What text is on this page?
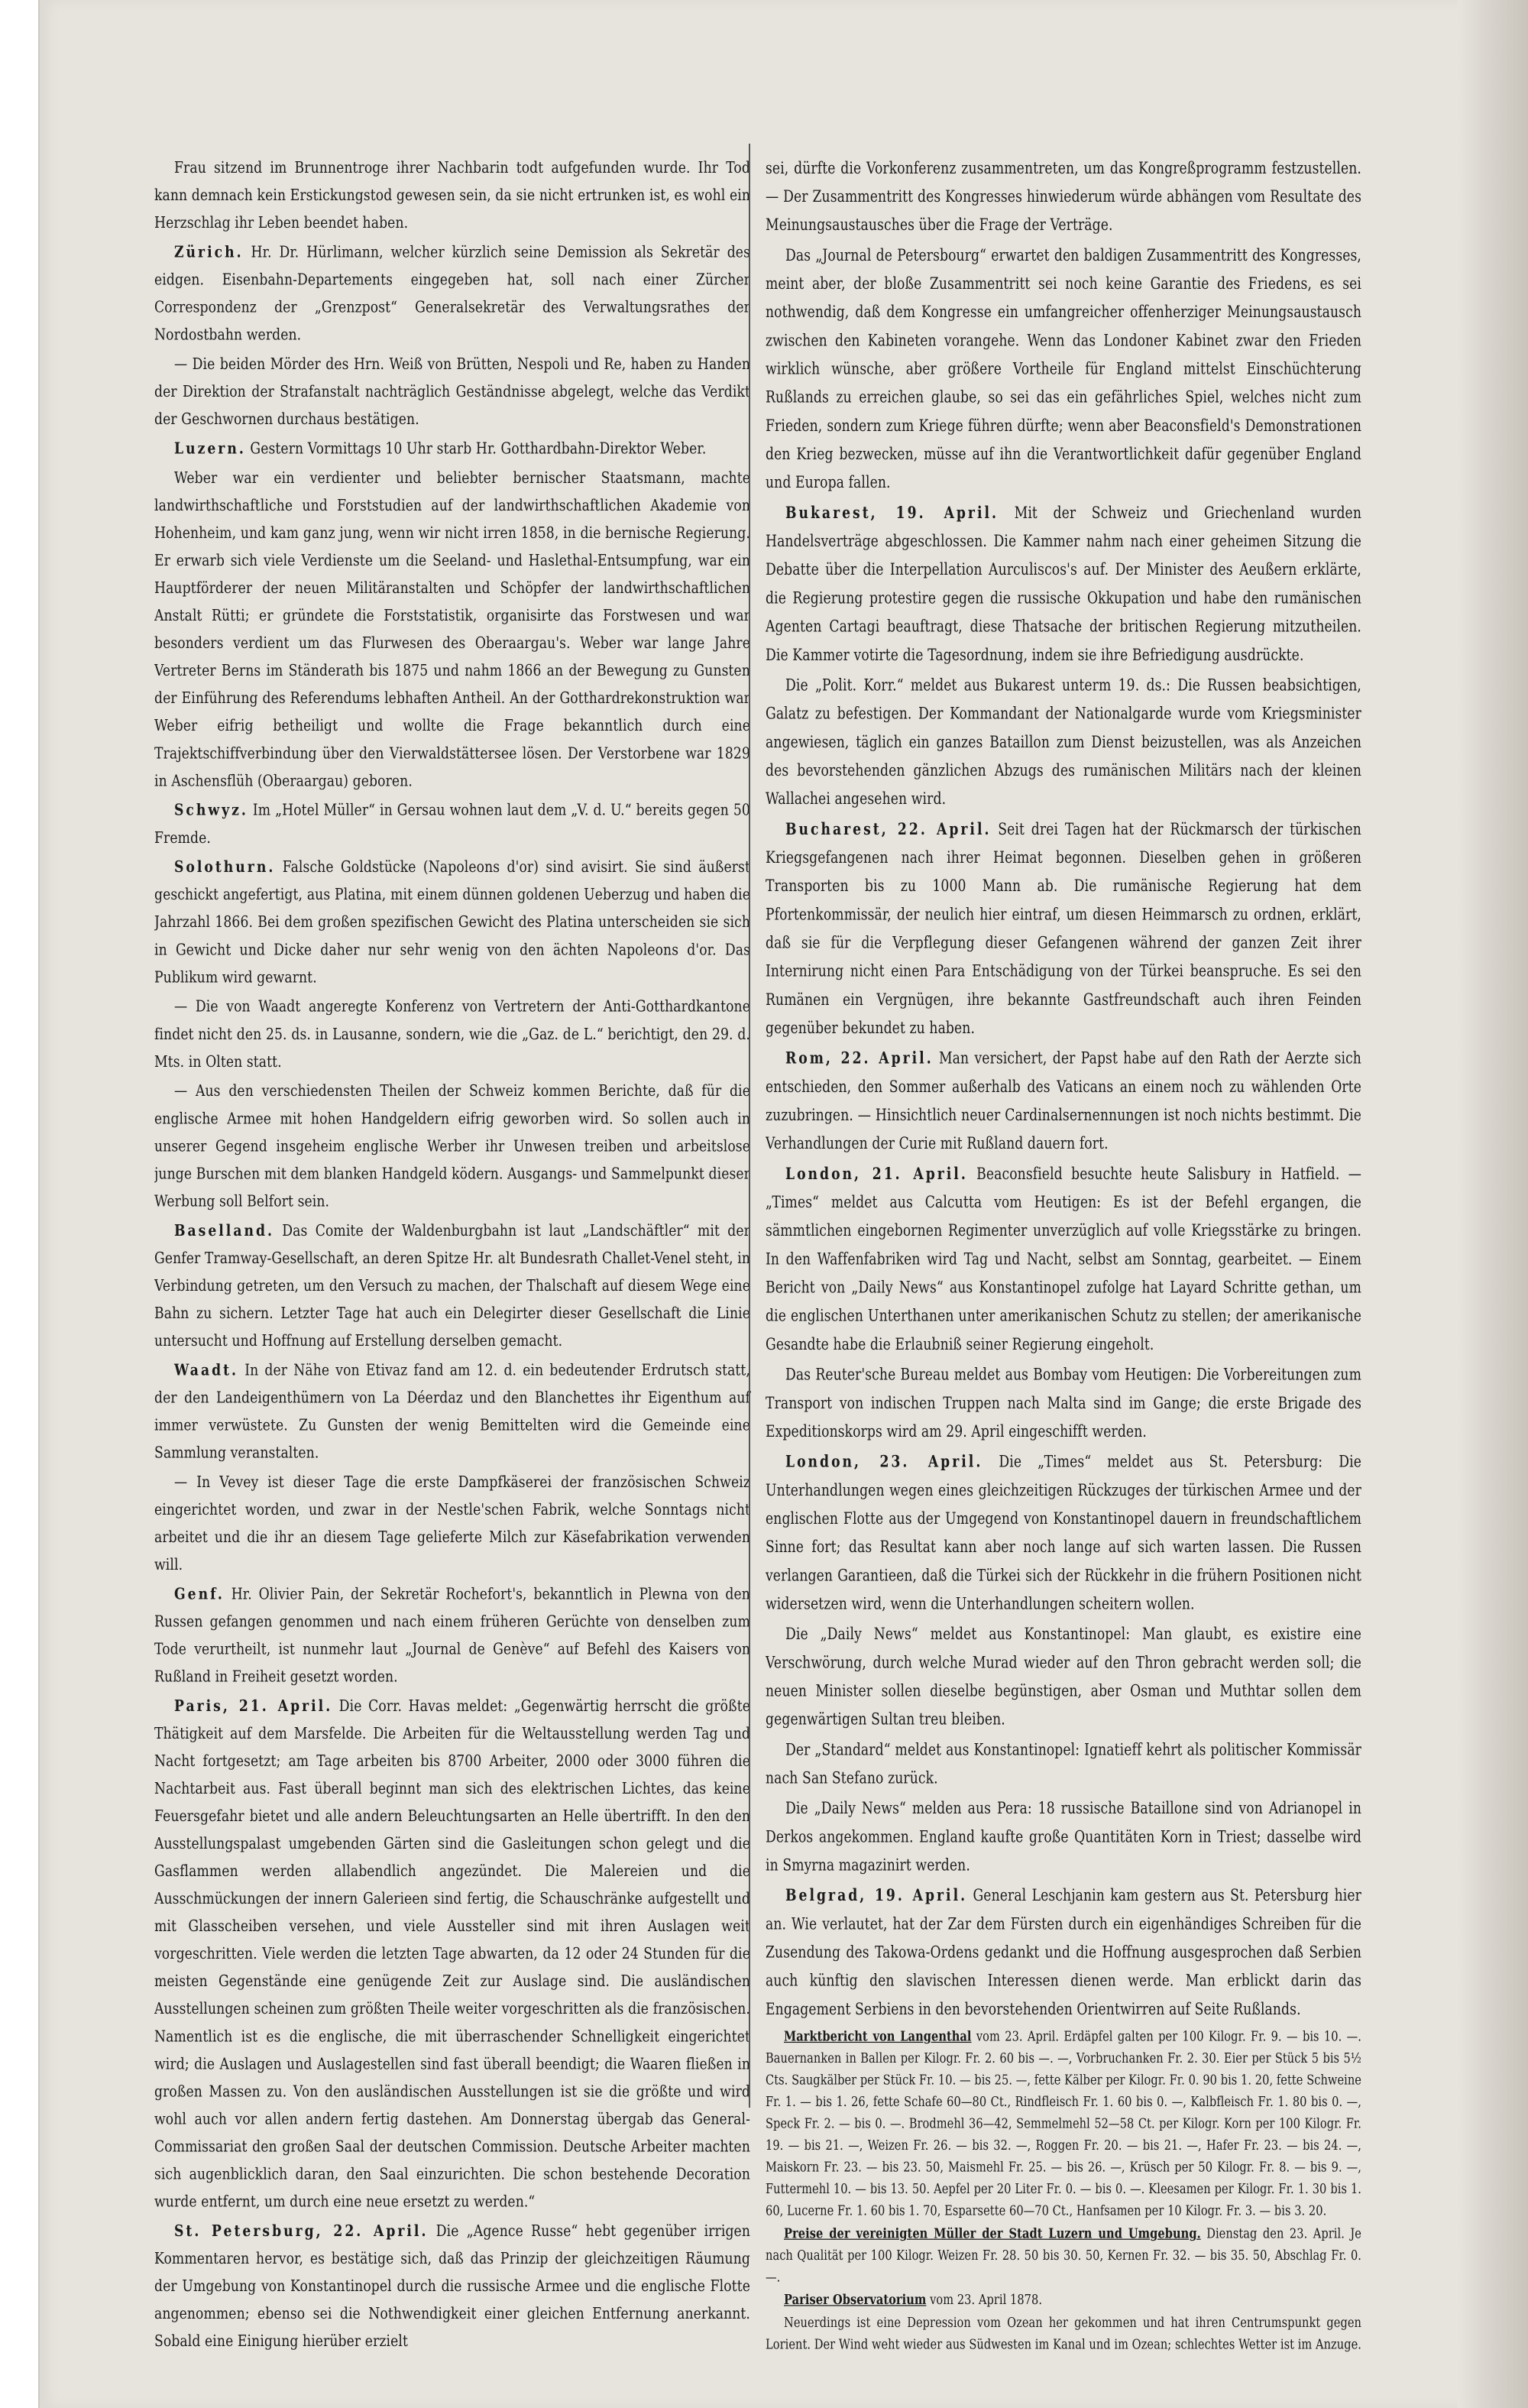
Frau sitzend im Brunnentroge ihrer Nachbarin todt aufgefunden wurde. Ihr Tod kann demnach kein Erstickungstod gewesen sein, da sie nicht ertrunken ist, es wohl ein Herzschlag ihr Leben beendet haben.

Zürich. Hr. Dr. Hürlimann, welcher kürzlich seine Demission als Sekretär des eidgen. Eisenbahn-Departements eingegeben hat, soll nach einer Zürcher Correspondenz der „Grenzpost“ Generalsekretär des Verwaltungsrathes der Nordostbahn werden.

— Die beiden Mörder des Hrn. Weiß von Brütten, Nespoli und Re, haben zu Handen der Direktion der Strafanstalt nachträglich Geständnisse abgelegt, welche das Verdikt der Geschwornen durchaus bestätigen.

Luzern. Gestern Vormittags 10 Uhr starb Hr. Gotthardbahn-Direktor Weber.

Weber war ein verdienter und beliebter bernischer Staatsmann, machte landwirthschaftliche und Forststudien auf der landwirthschaftlichen Akademie von Hohenheim, und kam ganz jung, wenn wir nicht irren 1858, in die bernische Regierung. Er erwarb sich viele Verdienste um die Seeland- und Haslethal-Entsumpfung, war ein Hauptförderer der neuen Militäranstalten und Schöpfer der landwirthschaftlichen Anstalt Rütti; er gründete die Forststatistik, organisirte das Forstwesen und war besonders verdient um das Flurwesen des Oberaargau's. Weber war lange Jahre Vertreter Berns im Ständerath bis 1875 und nahm 1866 an der Bewegung zu Gunsten der Einführung des Referendums lebhaften Antheil. An der Gotthardrekonstruktion war Weber eifrig betheiligt und wollte die Frage bekanntlich durch eine Trajektschiffverbindung über den Vierwaldstättersee lösen. Der Verstorbene war 1829 in Aschensflüh (Oberaargau) geboren.

Schwyz. Im „Hotel Müller“ in Gersau wohnen laut dem „V. d. U.“ bereits gegen 50 Fremde.

Solothurn. Falsche Goldstücke (Napoleons d'or) sind avisirt. Sie sind äußerst geschickt angefertigt, aus Platina, mit einem dünnen goldenen Ueberzug und haben die Jahrzahl 1866. Bei dem großen spezifischen Gewicht des Platina unterscheiden sie sich in Gewicht und Dicke daher nur sehr wenig von den ächten Napoleons d'or. Das Publikum wird gewarnt.

— Die von Waadt angeregte Konferenz von Vertretern der Anti-Gotthardkantone findet nicht den 25. ds. in Lausanne, sondern, wie die „Gaz. de L.“ berichtigt, den 29. d. Mts. in Olten statt.

— Aus den verschiedensten Theilen der Schweiz kommen Berichte, daß für die englische Armee mit hohen Handgeldern eifrig geworben wird. So sollen auch in unserer Gegend insgeheim englische Werber ihr Unwesen treiben und arbeitslose junge Burschen mit dem blanken Handgeld ködern. Ausgangs- und Sammelpunkt dieser Werbung soll Belfort sein.

Baselland. Das Comite der Waldenburgbahn ist laut „Landschäftler“ mit der Genfer Tramway-Gesellschaft, an deren Spitze Hr. alt Bundesrath Challet-Venel steht, in Verbindung getreten, um den Versuch zu machen, der Thalschaft auf diesem Wege eine Bahn zu sichern. Letzter Tage hat auch ein Delegirter dieser Gesellschaft die Linie untersucht und Hoffnung auf Erstellung derselben gemacht.

Waadt. In der Nähe von Etivaz fand am 12. d. ein bedeutender Erdrutsch statt, der den Landeigenthümern von La Déerdaz und den Blanchettes ihr Eigenthum auf immer verwüstete. Zu Gunsten der wenig Bemittelten wird die Gemeinde eine Sammlung veranstalten.

— In Vevey ist dieser Tage die erste Dampfkäserei der französischen Schweiz eingerichtet worden, und zwar in der Nestle'schen Fabrik, welche Sonntags nicht arbeitet und die ihr an diesem Tage gelieferte Milch zur Käsefabrikation verwenden will.

Genf. Hr. Olivier Pain, der Sekretär Rochefort's, bekanntlich in Plewna von den Russen gefangen genommen und nach einem früheren Gerüchte von denselben zum Tode verurtheilt, ist nunmehr laut „Journal de Genève“ auf Befehl des Kaisers von Rußland in Freiheit gesetzt worden.

Paris, 21. April. Die Corr. Havas meldet: „Gegenwärtig herrscht die größte Thätigkeit auf dem Marsfelde. Die Arbeiten für die Weltausstellung werden Tag und Nacht fortgesetzt; am Tage arbeiten bis 8700 Arbeiter, 2000 oder 3000 führen die Nachtarbeit aus. Fast überall beginnt man sich des elektrischen Lichtes, das keine Feuersgefahr bietet und alle andern Beleuchtungsarten an Helle übertrifft. In den den Ausstellungspalast umgebenden Gärten sind die Gasleitungen schon gelegt und die Gasflammen werden allabendlich angezündet. Die Malereien und die Ausschmückungen der innern Galerieen sind fertig, die Schauschränke aufgestellt und mit Glasscheiben versehen, und viele Aussteller sind mit ihren Auslagen weit vorgeschritten. Viele werden die letzten Tage abwarten, da 12 oder 24 Stunden für die meisten Gegenstände eine genügende Zeit zur Auslage sind. Die ausländischen Ausstellungen scheinen zum größten Theile weiter vorgeschritten als die französischen. Namentlich ist es die englische, die mit überraschender Schnelligkeit eingerichtet wird; die Auslagen und Auslagestellen sind fast überall beendigt; die Waaren fließen in großen Massen zu. Von den ausländischen Ausstellungen ist sie die größte und wird wohl auch vor allen andern fertig dastehen. Am Donnerstag übergab das General-Commissariat den großen Saal der deutschen Commission. Deutsche Arbeiter machten sich augenblicklich daran, den Saal einzurichten. Die schon bestehende Decoration wurde entfernt, um durch eine neue ersetzt zu werden.“

St. Petersburg, 22. April. Die „Agence Russe“ hebt gegenüber irrigen Kommentaren hervor, es bestätige sich, daß das Prinzip der gleichzeitigen Räumung der Umgebung von Konstantinopel durch die russische Armee und die englische Flotte angenommen; ebenso sei die Nothwendigkeit einer gleichen Entfernung anerkannt. Sobald eine Einigung hierüber erzielt

sei, dürfte die Vorkonferenz zusammentreten, um das Kongreßprogramm festzustellen. — Der Zusammentritt des Kongresses hinwiederum würde abhängen vom Resultate des Meinungsaustausches über die Frage der Verträge.

Das „Journal de Petersbourg“ erwartet den baldigen Zusammentritt des Kongresses, meint aber, der bloße Zusammentritt sei noch keine Garantie des Friedens, es sei nothwendig, daß dem Kongresse ein umfangreicher offenherziger Meinungsaustausch zwischen den Kabineten vorangehe. Wenn das Londoner Kabinet zwar den Frieden wirklich wünsche, aber größere Vortheile für England mittelst Einschüchterung Rußlands zu erreichen glaube, so sei das ein gefährliches Spiel, welches nicht zum Frieden, sondern zum Kriege führen dürfte; wenn aber Beaconsfield's Demonstrationen den Krieg bezwecken, müsse auf ihn die Verantwortlichkeit dafür gegenüber England und Europa fallen.

Bukarest, 19. April. Mit der Schweiz und Griechenland wurden Handelsverträge abgeschlossen. Die Kammer nahm nach einer geheimen Sitzung die Debatte über die Interpellation Aurculiscos's auf. Der Minister des Aeußern erklärte, die Regierung protestire gegen die russische Okkupation und habe den rumänischen Agenten Cartagi beauftragt, diese Thatsache der britischen Regierung mitzutheilen. Die Kammer votirte die Tagesordnung, indem sie ihre Befriedigung ausdrückte.

Die „Polit. Korr.“ meldet aus Bukarest unterm 19. ds.: Die Russen beabsichtigen, Galatz zu befestigen. Der Kommandant der Nationalgarde wurde vom Kriegsminister angewiesen, täglich ein ganzes Bataillon zum Dienst beizustellen, was als Anzeichen des bevorstehenden gänzlichen Abzugs des rumänischen Militärs nach der kleinen Wallachei angesehen wird.

Bucharest, 22. April. Seit drei Tagen hat der Rückmarsch der türkischen Kriegsgefangenen nach ihrer Heimat begonnen. Dieselben gehen in größeren Transporten bis zu 1000 Mann ab. Die rumänische Regierung hat dem Pfortenkommissär, der neulich hier eintraf, um diesen Heimmarsch zu ordnen, erklärt, daß sie für die Verpflegung dieser Gefangenen während der ganzen Zeit ihrer Internirung nicht einen Para Entschädigung von der Türkei beanspruche. Es sei den Rumänen ein Vergnügen, ihre bekannte Gastfreundschaft auch ihren Feinden gegenüber bekundet zu haben.

Rom, 22. April. Man versichert, der Papst habe auf den Rath der Aerzte sich entschieden, den Sommer außerhalb des Vaticans an einem noch zu wählenden Orte zuzubringen. — Hinsichtlich neuer Cardinalsernennungen ist noch nichts bestimmt. Die Verhandlungen der Curie mit Rußland dauern fort.

London, 21. April. Beaconsfield besuchte heute Salisbury in Hatfield. — „Times“ meldet aus Calcutta vom Heutigen: Es ist der Befehl ergangen, die sämmtlichen eingebornen Regimenter unverzüglich auf volle Kriegsstärke zu bringen. In den Waffenfabriken wird Tag und Nacht, selbst am Sonntag, gearbeitet. — Einem Bericht von „Daily News“ aus Konstantinopel zufolge hat Layard Schritte gethan, um die englischen Unterthanen unter amerikanischen Schutz zu stellen; der amerikanische Gesandte habe die Erlaubniß seiner Regierung eingeholt.

Das Reuter'sche Bureau meldet aus Bombay vom Heutigen: Die Vorbereitungen zum Transport von indischen Truppen nach Malta sind im Gange; die erste Brigade des Expeditionskorps wird am 29. April eingeschifft werden.

London, 23. April. Die „Times“ meldet aus St. Petersburg: Die Unterhandlungen wegen eines gleichzeitigen Rückzuges der türkischen Armee und der englischen Flotte aus der Umgegend von Konstantinopel dauern in freundschaftlichem Sinne fort; das Resultat kann aber noch lange auf sich warten lassen. Die Russen verlangen Garantieen, daß die Türkei sich der Rückkehr in die frühern Positionen nicht widersetzen wird, wenn die Unterhandlungen scheitern wollen.

Die „Daily News“ meldet aus Konstantinopel: Man glaubt, es existire eine Verschwörung, durch welche Murad wieder auf den Thron gebracht werden soll; die neuen Minister sollen dieselbe begünstigen, aber Osman und Muthtar sollen dem gegenwärtigen Sultan treu bleiben.

Der „Standard“ meldet aus Konstantinopel: Ignatieff kehrt als politischer Kommissär nach San Stefano zurück.

Die „Daily News“ melden aus Pera: 18 russische Bataillone sind von Adrianopel in Derkos angekommen. England kaufte große Quantitäten Korn in Triest; dasselbe wird in Smyrna magazinirt werden.

Belgrad, 19. April. General Leschjanin kam gestern aus St. Petersburg hier an. Wie verlautet, hat der Zar dem Fürsten durch ein eigenhändiges Schreiben für die Zusendung des Takowa-Ordens gedankt und die Hoffnung ausgesprochen daß Serbien auch künftig den slavischen Interessen dienen werde. Man erblickt darin das Engagement Serbiens in den bevorstehenden Orientwirren auf Seite Rußlands.

Marktbericht von Langenthal vom 23. April. Erdäpfel galten per 100 Kilogr. Fr. 9. — bis 10. —. Bauernanken in Ballen per Kilogr. Fr. 2. 60 bis —. —, Vorbruchanken Fr. 2. 30. Eier per Stück 5 bis 5½ Cts. Saugkälber per Stück Fr. 10. — bis 25. —, fette Kälber per Kilogr. Fr. 0. 90 bis 1. 20, fette Schweine Fr. 1. — bis 1. 26, fette Schafe 60—80 Ct., Rindfleisch Fr. 1. 60 bis 0. —, Kalbfleisch Fr. 1. 80 bis 0. —, Speck Fr. 2. — bis 0. —. Brodmehl 36—42, Semmelmehl 52—58 Ct. per Kilogr. Korn per 100 Kilogr. Fr. 19. — bis 21. —, Weizen Fr. 26. — bis 32. —, Roggen Fr. 20. — bis 21. —, Hafer Fr. 23. — bis 24. —, Maiskorn Fr. 23. — bis 23. 50, Maismehl Fr. 25. — bis 26. —, Krüsch per 50 Kilogr. Fr. 8. — bis 9. —, Futtermehl 10. — bis 13. 50. Aepfel per 20 Liter Fr. 0. — bis 0. —. Kleesamen per Kilogr. Fr. 1. 30 bis 1. 60, Lucerne Fr. 1. 60 bis 1. 70, Esparsette 60—70 Ct., Hanfsamen per 10 Kilogr. Fr. 3. — bis 3. 20.

Preise der vereinigten Müller der Stadt Luzern und Umgebung. Dienstag den 23. April. Je nach Qualität per 100 Kilogr. Weizen Fr. 28. 50 bis 30. 50, Kernen Fr. 32. — bis 35. 50, Abschlag Fr. 0. —.

Pariser Observatorium vom 23. April 1878.

Neuerdings ist eine Depression vom Ozean her gekommen und hat ihren Centrumspunkt gegen Lorient. Der Wind weht wieder aus Südwesten im Kanal und im Ozean; schlechtes Wetter ist im Anzuge.
